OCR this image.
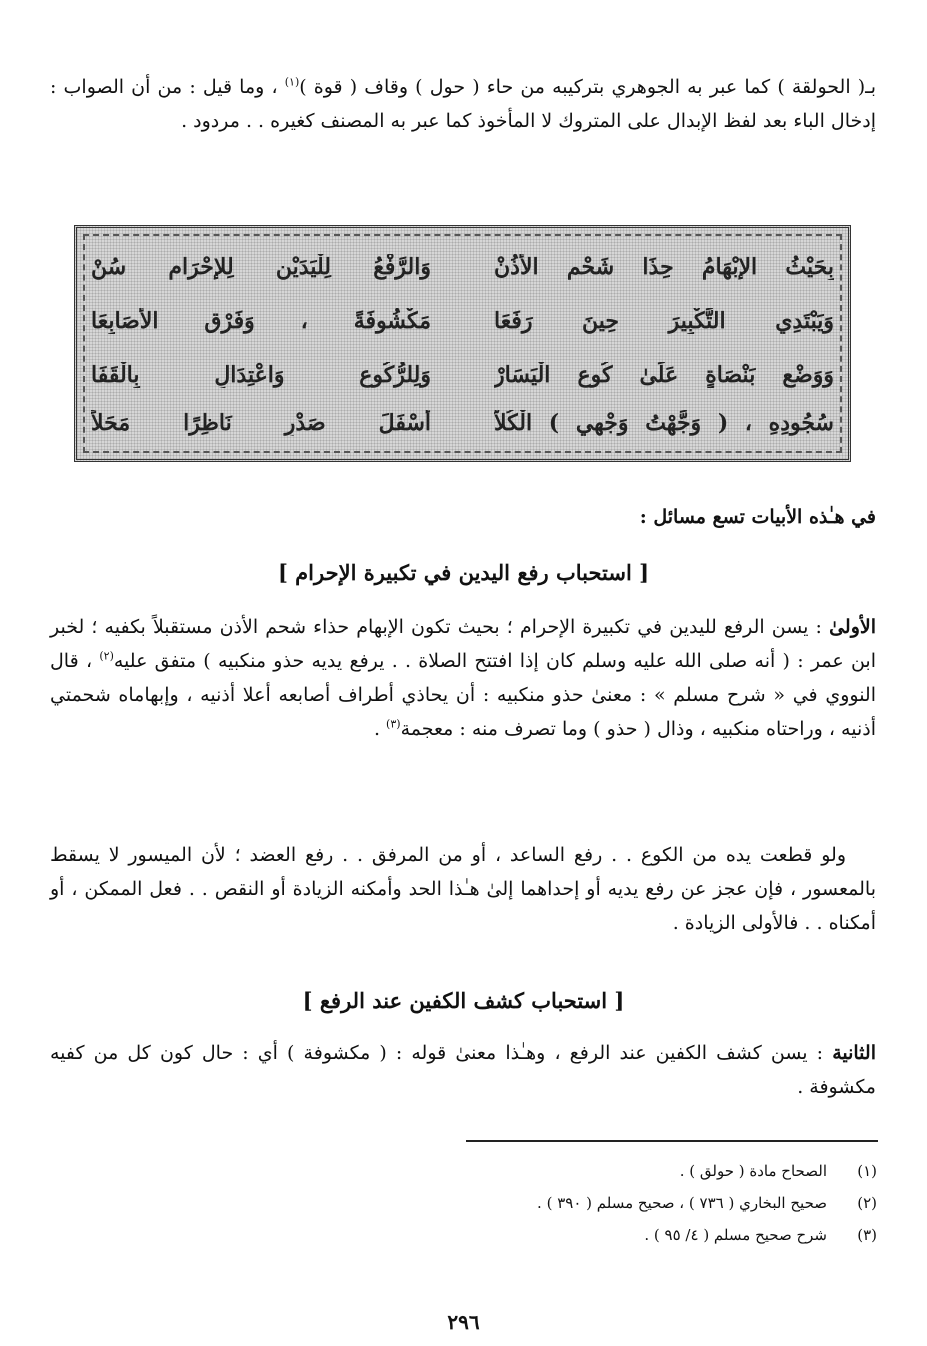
بـ( الحولقة ) كما عبر به الجوهري بتركيبه من حاء ( حول ) وقاف ( قوة )$^{(١)}$ ، وما قيل : من أن الصواب : إدخال الباء بعد لفظ الإبدال على المتروك لا المأخوذ كما عبر به المصنف كغيره . . مردود .

وَالرَّفْعُ لِلْيَدَيْنِ لِلإِحْرَامِ سُنْ	بِحَيْثُ الإِبْهَامُ حِذَا شَحْمِ الأُذُنْ
مَكْشُوفَةً ، وَفَرْقِ الأَصَابِعَا	وَيَبْتَدِي التَّكْبِيرَ حِينَ رَفَعَا
وَلِلرُّكُوعِ وَاعْتِدَالٍ بِالْقَفَا	وَوَضْعِ بَنْصَاةٍ عَلَىٰ كُوعِ الْيَسَارْ
أَسْفَلَ صَدْرٍ نَاظِرًا مَحَلاً	سُجُودِهِ ، ( وَجَّهْتُ وَجْهِي ) الْكُلاَّ

في هـٰذه الأبيات تسع مسائل :

[ استحباب رفع اليدين في تكبيرة الإحرام ]

الأولىٰ : يسن الرفع لليدين في تكبيرة الإحرام ؛ بحيث تكون الإبهام حذاء شحم الأذن مستقبلاً بكفيه ؛ لخبر ابن عمر : ( أنه صلى الله عليه وسلم كان إذا افتتح الصلاة . . يرفع يديه حذو منكبيه ) متفق عليه$^{(٢)}$ ، قال النووي في « شرح مسلم » : معنىٰ حذو منكبيه : أن يحاذي أطراف أصابعه أعلا أذنيه ، وإبهاماه شحمتي أذنيه ، وراحتاه منكبيه ، وذال ( حذو ) وما تصرف منه : معجمة$^{(٣)}$ .

ولو قطعت يده من الكوع . . رفع الساعد ، أو من المرفق . . رفع العضد ؛ لأن الميسور لا يسقط بالمعسور ، فإن عجز عن رفع يديه أو إحداهما إلىٰ هـٰذا الحد وأمكنه الزيادة أو النقص . . فعل الممكن ، أو أمكناه . . فالأولى الزيادة .

[ استحباب كشف الكفين عند الرفع ]

الثانية : يسن كشف الكفين عند الرفع ، وهـٰذا معنىٰ قوله : ( مكشوفة ) أي : حال كون كل من كفيه مكشوفة .

(١)
الصحاح مادة ( حولق ) .
(٢)
صحيح البخاري ( ٧٣٦ ) ، صحيح مسلم ( ٣٩٠ ) .
(٣)
شرح صحيح مسلم ( ٤/ ٩٥ ) .
٢٩٦
